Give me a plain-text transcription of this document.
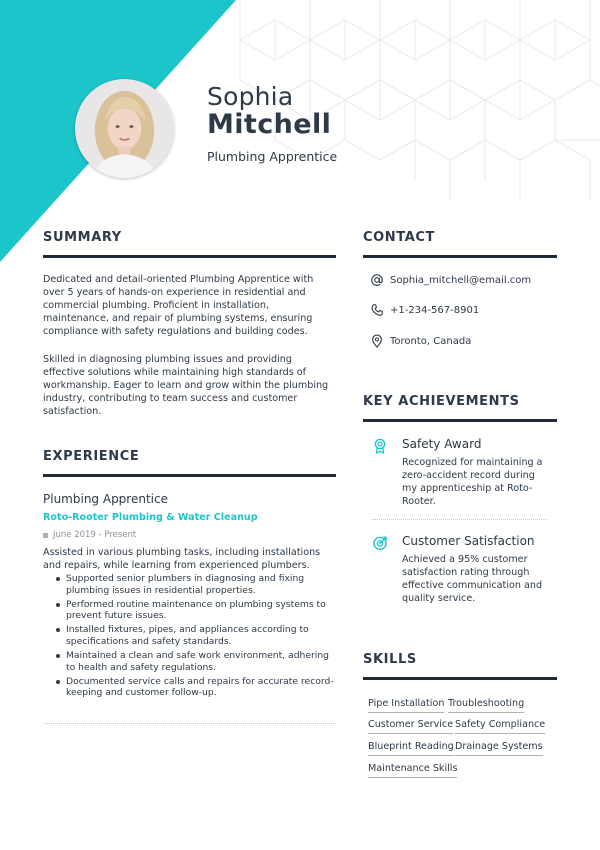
Sophia
Mitchell
Plumbing Apprentice
SUMMARY

Dedicated and detail-oriented Plumbing Apprentice with over 5 years of hands-on experience in residential and commercial plumbing. Proficient in installation, maintenance, and repair of plumbing systems, ensuring compliance with safety regulations and building codes.

Skilled in diagnosing plumbing issues and providing effective solutions while maintaining high standards of workmanship. Eager to learn and grow within the plumbing industry, contributing to team success and customer satisfaction.

CONTACT
Sophia_mitchell@email.com
+1-234-567-8901
Toronto, Canada
KEY ACHIEVEMENTS
Safety Award
Recognized for maintaining a zero-accident record during my apprenticeship at Roto-Rooter.
Customer Satisfaction
Achieved a 95% customer satisfaction rating through effective communication and quality service.
EXPERIENCE
Plumbing Apprentice
Roto-Rooter Plumbing & Water Cleanup
June 2019 - Present

Assisted in various plumbing tasks, including installations and repairs, while learning from experienced plumbers.

Supported senior plumbers in diagnosing and fixing plumbing issues in residential properties.
Performed routine maintenance on plumbing systems to prevent future issues.
Installed fixtures, pipes, and appliances according to specifications and safety standards.
Maintained a clean and safe work environment, adhering to health and safety regulations.
Documented service calls and repairs for accurate record-keeping and customer follow-up.
SKILLS
Pipe Installation Troubleshooting
Customer Service Safety Compliance
Blueprint Reading Drainage Systems
Maintenance Skills
